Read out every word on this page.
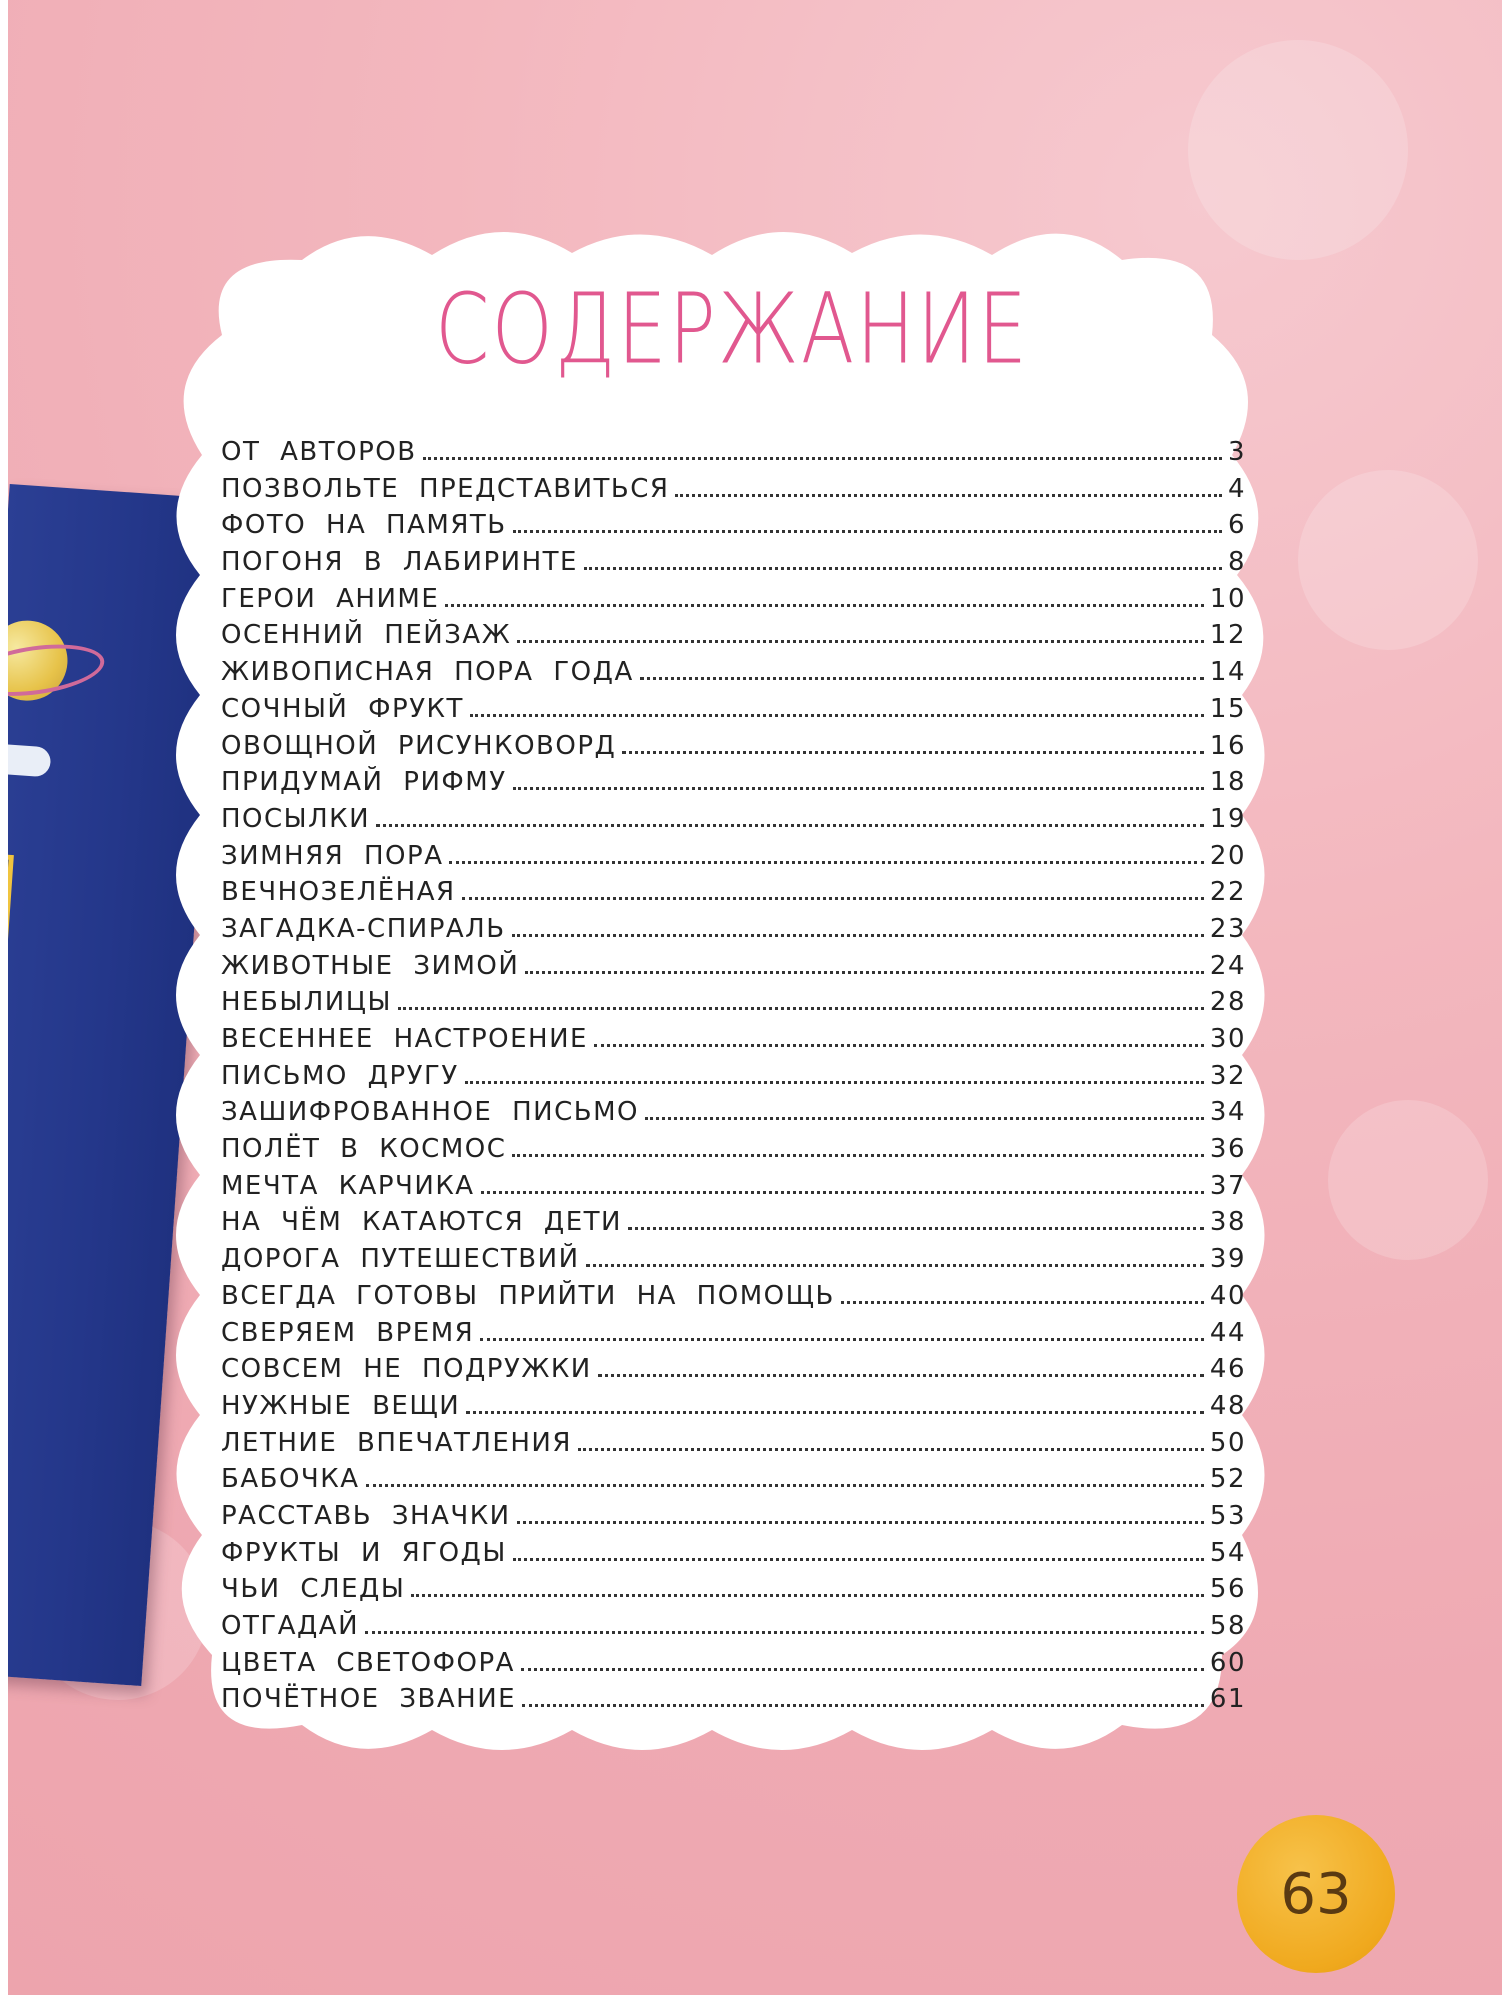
СОДЕРЖАНИЕ
ОТ АВТОРОВ	3
ПОЗВОЛЬТЕ ПРЕДСТАВИТЬСЯ	4
ФОТО НА ПАМЯТЬ	6
ПОГОНЯ В ЛАБИРИНТЕ	8
ГЕРОИ АНИМЕ	10
ОСЕННИЙ ПЕЙЗАЖ	12
ЖИВОПИСНАЯ ПОРА ГОДА	14
СОЧНЫЙ ФРУКТ	15
ОВОЩНОЙ РИСУНКОВОРД	16
ПРИДУМАЙ РИФМУ	18
ПОСЫЛКИ	19
ЗИМНЯЯ ПОРА	20
ВЕЧНОЗЕЛЁНАЯ	22
ЗАГАДКА-СПИРАЛЬ	23
ЖИВОТНЫЕ ЗИМОЙ	24
НЕБЫЛИЦЫ	28
ВЕСЕННЕЕ НАСТРОЕНИЕ	30
ПИСЬМО ДРУГУ	32
ЗАШИФРОВАННОЕ ПИСЬМО	34
ПОЛЁТ В КОСМОС	36
МЕЧТА КАРЧИКА	37
НА ЧЁМ КАТАЮТСЯ ДЕТИ	38
ДОРОГА ПУТЕШЕСТВИЙ	39
ВСЕГДА ГОТОВЫ ПРИЙТИ НА ПОМОЩЬ	40
СВЕРЯЕМ ВРЕМЯ	44
СОВСЕМ НЕ ПОДРУЖКИ	46
НУЖНЫЕ ВЕЩИ	48
ЛЕТНИЕ ВПЕЧАТЛЕНИЯ	50
БАБОЧКА	52
РАССТАВЬ ЗНАЧКИ	53
ФРУКТЫ И ЯГОДЫ	54
ЧЬИ СЛЕДЫ	56
ОТГАДАЙ	58
ЦВЕТА СВЕТОФОРА	60
ПОЧЁТНОЕ ЗВАНИЕ	61
63
